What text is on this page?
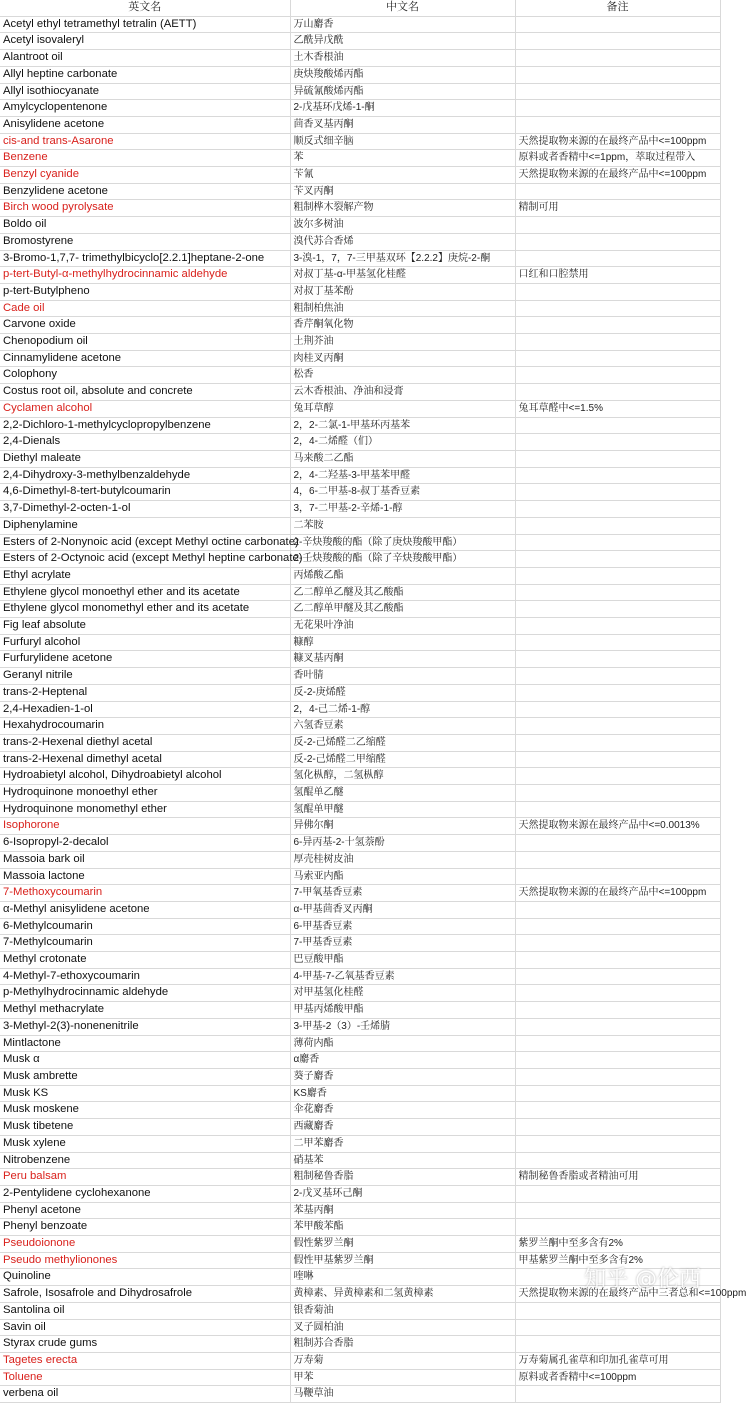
英文名	中文名	备注
Acetyl ethyl tetramethyl tetralin (AETT)	万山麝香	
Acetyl isovaleryl	乙酰异戊酰	
Alantroot oil	土木香根油	
Allyl heptine carbonate	庚炔羧酸烯丙酯	
Allyl isothiocyanate	异硫氰酸烯丙酯	
Amylcyclopentenone	2-戊基环戊烯-1-酮	
Anisylidene acetone	茴香叉基丙酮	
cis-and trans-Asarone	顺反式细辛脑	天然提取物来源的在最终产品中<=100ppm
Benzene	苯	原料或者香精中<=1ppm，萃取过程带入
Benzyl cyanide	苄氰	天然提取物来源的在最终产品中<=100ppm
Benzylidene acetone	苄叉丙酮	
Birch wood pyrolysate	粗制桦木裂解产物	精制可用
Boldo oil	波尔多树油	
Bromostyrene	溴代苏合香烯	
3-Bromo-1,7,7- trimethylbicyclo[2.2.1]heptane-2-one	3-溴-1，7，7-三甲基双环【2.2.2】庚烷-2-酮	
p-tert-Butyl-α-methylhydrocinnamic aldehyde	对叔丁基-α-甲基氢化桂醛	口红和口腔禁用
p-tert-Butylpheno	对叔丁基苯酚	
Cade oil	粗制柏焦油	
Carvone oxide	香芹酮氧化物	
Chenopodium oil	土荆芥油	
Cinnamylidene acetone	肉桂叉丙酮	
Colophony	松香	
Costus root oil, absolute and concrete	云木香根油、净油和浸膏	
Cyclamen alcohol	兔耳草醇	兔耳草醛中<=1.5%
2,2-Dichloro-1-methylcyclopropylbenzene	2，2-二氯-1-甲基环丙基苯	
2,4-Dienals	2，4-二烯醛（们）	
Diethyl maleate	马来酸二乙酯	
2,4-Dihydroxy-3-methylbenzaldehyde	2，4-二羟基-3-甲基苯甲醛	
4,6-Dimethyl-8-tert-butylcoumarin	4，6-二甲基-8-叔丁基香豆素	
3,7-Dimethyl-2-octen-1-ol	3，7-二甲基-2-辛烯-1-醇	
Diphenylamine	二苯胺	
Esters of 2-Nonynoic acid (except Methyl octine carbonate)	2-辛炔羧酸的酯（除了庚炔羧酸甲酯）	
Esters of 2-Octynoic acid (except Methyl heptine carbonate)	2-壬炔羧酸的酯（除了辛炔羧酸甲酯）	
Ethyl acrylate	丙烯酸乙酯	
Ethylene glycol monoethyl ether and its acetate	乙二醇单乙醚及其乙酸酯	
Ethylene glycol monomethyl ether and its acetate	乙二醇单甲醚及其乙酸酯	
Fig leaf absolute	无花果叶净油	
Furfuryl alcohol	糠醇	
Furfurylidene acetone	糠叉基丙酮	
Geranyl nitrile	香叶腈	
trans-2-Heptenal	反-2-庚烯醛	
2,4-Hexadien-1-ol	2，4-己二烯-1-醇	
Hexahydrocoumarin	六氢香豆素	
trans-2-Hexenal diethyl acetal	反-2-己烯醛二乙缩醛	
trans-2-Hexenal dimethyl acetal	反-2-己烯醛二甲缩醛	
Hydroabietyl alcohol, Dihydroabietyl alcohol	氢化枞醇，二氢枞醇	
Hydroquinone monoethyl ether	氢醌单乙醚	
Hydroquinone monomethyl ether	氢醌单甲醚	
Isophorone	异佛尔酮	天然提取物来源在最终产品中<=0.0013%
6-Isopropyl-2-decalol	6-异丙基-2-十氢萘酚	
Massoia bark oil	厚壳桂树皮油	
Massoia lactone	马索亚内酯	
7-Methoxycoumarin	7-甲氧基香豆素	天然提取物来源的在最终产品中<=100ppm
α-Methyl anisylidene acetone	α-甲基茴香叉丙酮	
6-Methylcoumarin	6-甲基香豆素	
7-Methylcoumarin	7-甲基香豆素	
Methyl crotonate	巴豆酸甲酯	
4-Methyl-7-ethoxycoumarin	4-甲基-7-乙氧基香豆素	
p-Methylhydrocinnamic aldehyde	对甲基氢化桂醛	
Methyl methacrylate	甲基丙烯酸甲酯	
3-Methyl-2(3)-nonenenitrile	3-甲基-2（3）-壬烯腈	
Mintlactone	薄荷内酯	
Musk α	α麝香	
Musk ambrette	葵子麝香	
Musk KS	KS麝香	
Musk moskene	伞花麝香	
Musk tibetene	西藏麝香	
Musk xylene	二甲苯麝香	
Nitrobenzene	硝基苯	
Peru balsam	粗制秘鲁香脂	精制秘鲁香脂或者精油可用
2-Pentylidene cyclohexanone	2-戊叉基环己酮	
Phenyl acetone	苯基丙酮	
Phenyl benzoate	苯甲酸苯酯	
Pseudoionone	假性紫罗兰酮	紫罗兰酮中至多含有2%
Pseudo methylionones	假性甲基紫罗兰酮	甲基紫罗兰酮中至多含有2%
Quinoline	喹啉	
Safrole, Isosafrole and Dihydrosafrole	黄樟素、异黄樟素和二氢黄樟素	天然提取物来源的在最终产品中三者总和<=100ppm
Santolina oil	银香菊油	
Savin oil	叉子圆柏油	
Styrax crude gums	粗制苏合香脂	
Tagetes erecta	万寿菊	万寿菊属孔雀草和印加孔雀草可用
Toluene	甲苯	原料或者香精中<=100ppm
verbena oil	马鞭草油	
知乎 @伦西
